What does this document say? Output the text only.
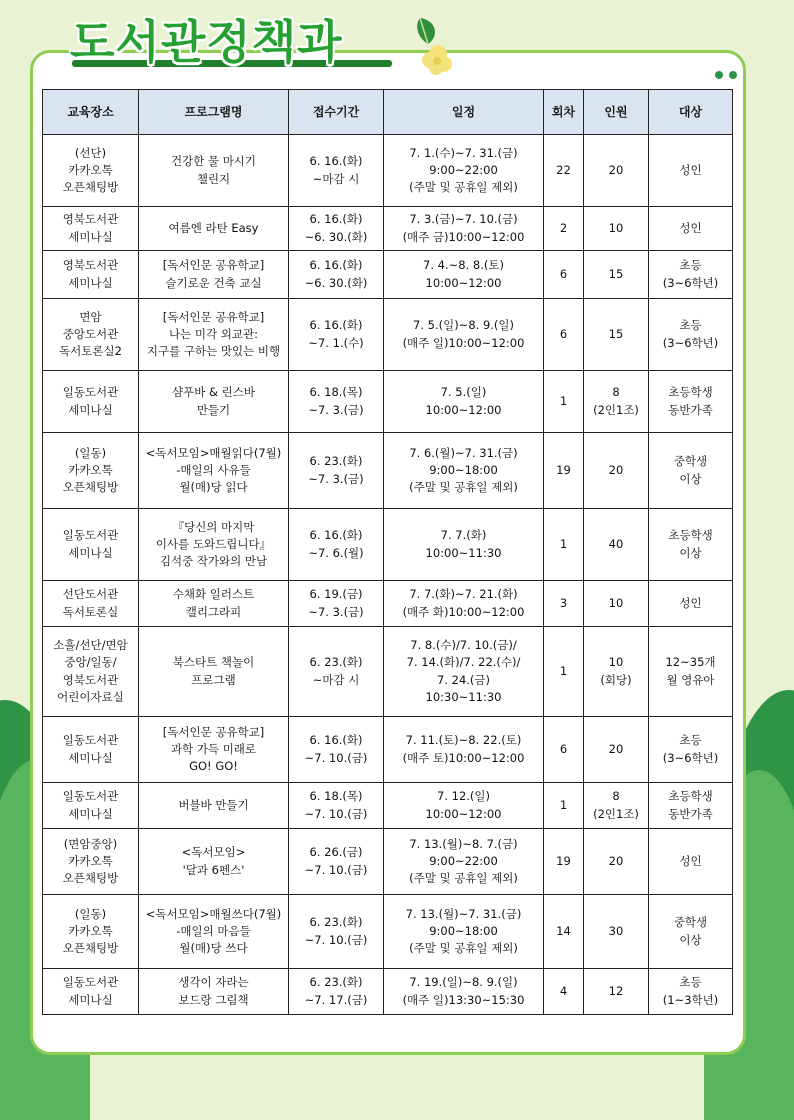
도서관정책과
교육장소	프로그램명	접수기간	일정	회차	인원	대상

(선단)
카카오톡
오픈채팅방	건강한 물 마시기
챌린지	6. 16.(화)
~마감 시	7. 1.(수)~7. 31.(금)
9:00~22:00
(주말 및 공휴일 제외)	22	20	성인

영북도서관
세미나실	여름엔 라탄 Easy	6. 16.(화)
~6. 30.(화)	7. 3.(금)~7. 10.(금)
(매주 금)10:00~12:00	2	10	성인

영북도서관
세미나실	[독서인문 공유학교]
슬기로운 건축 교실	6. 16.(화)
~6. 30.(화)	7. 4.~8. 8.(토)
10:00~12:00	6	15	초등
(3~6학년)

면암
중앙도서관
독서토론실2	[독서인문 공유학교]
나는 미각 외교관:
지구를 구하는 맛있는 비행	6. 16.(화)
~7. 1.(수)	7. 5.(일)~8. 9.(일)
(매주 일)10:00~12:00	6	15	초등
(3~6학년)

일동도서관
세미나실	샴푸바 & 린스바
만들기	6. 18.(목)
~7. 3.(금)	7. 5.(일)
10:00~12:00	1	8
(2인1조)	초등학생
동반가족

(일동)
카카오톡
오픈채팅방	<독서모임>매월읽다(7월)
-매일의 사유들
월(매)당 읽다	6. 23.(화)
~7. 3.(금)	7. 6.(월)~7. 31.(금)
9:00~18:00
(주말 및 공휴일 제외)	19	20	중학생
이상

일동도서관
세미나실	『당신의 마지막
이사를 도와드립니다』
김석중 작가와의 만남	6. 16.(화)
~7. 6.(월)	7. 7.(화)
10:00~11:30	1	40	초등학생
이상

선단도서관
독서토론실	수채화 일러스트
캘리그라피	6. 19.(금)
~7. 3.(금)	7. 7.(화)~7. 21.(화)
(매주 화)10:00~12:00	3	10	성인

소흘/선단/면암
중앙/일동/
영북도서관
어린이자료실	북스타트 책놀이
프로그램	6. 23.(화)
~마감 시	7. 8.(수)/7. 10.(금)/
7. 14.(화)/7. 22.(수)/
7. 24.(금)
10:30~11:30	1	10
(회당)	12~35개
월 영유아

일동도서관
세미나실	[독서인문 공유학교]
과학 가득 미래로
GO! GO!	6. 16.(화)
~7. 10.(금)	7. 11.(토)~8. 22.(토)
(매주 토)10:00~12:00	6	20	초등
(3~6학년)

일동도서관
세미나실	버블바 만들기	6. 18.(목)
~7. 10.(금)	7. 12.(일)
10:00~12:00	1	8
(2인1조)	초등학생
동반가족

(면암중앙)
카카오톡
오픈채팅방	<독서모임>
'달과 6펜스'	6. 26.(금)
~7. 10.(금)	7. 13.(월)~8. 7.(금)
9:00~22:00
(주말 및 공휴일 제외)	19	20	성인

(일동)
카카오톡
오픈채팅방	<독서모임>매월쓰다(7월)
-매일의 마음들
월(매)당 쓰다	6. 23.(화)
~7. 10.(금)	7. 13.(월)~7. 31.(금)
9:00~18:00
(주말 및 공휴일 제외)	14	30	중학생
이상

일동도서관
세미나실	생각이 자라는
보드랑 그림책	6. 23.(화)
~7. 17.(금)	7. 19.(일)~8. 9.(일)
(매주 일)13:30~15:30	4	12	초등
(1~3학년)
